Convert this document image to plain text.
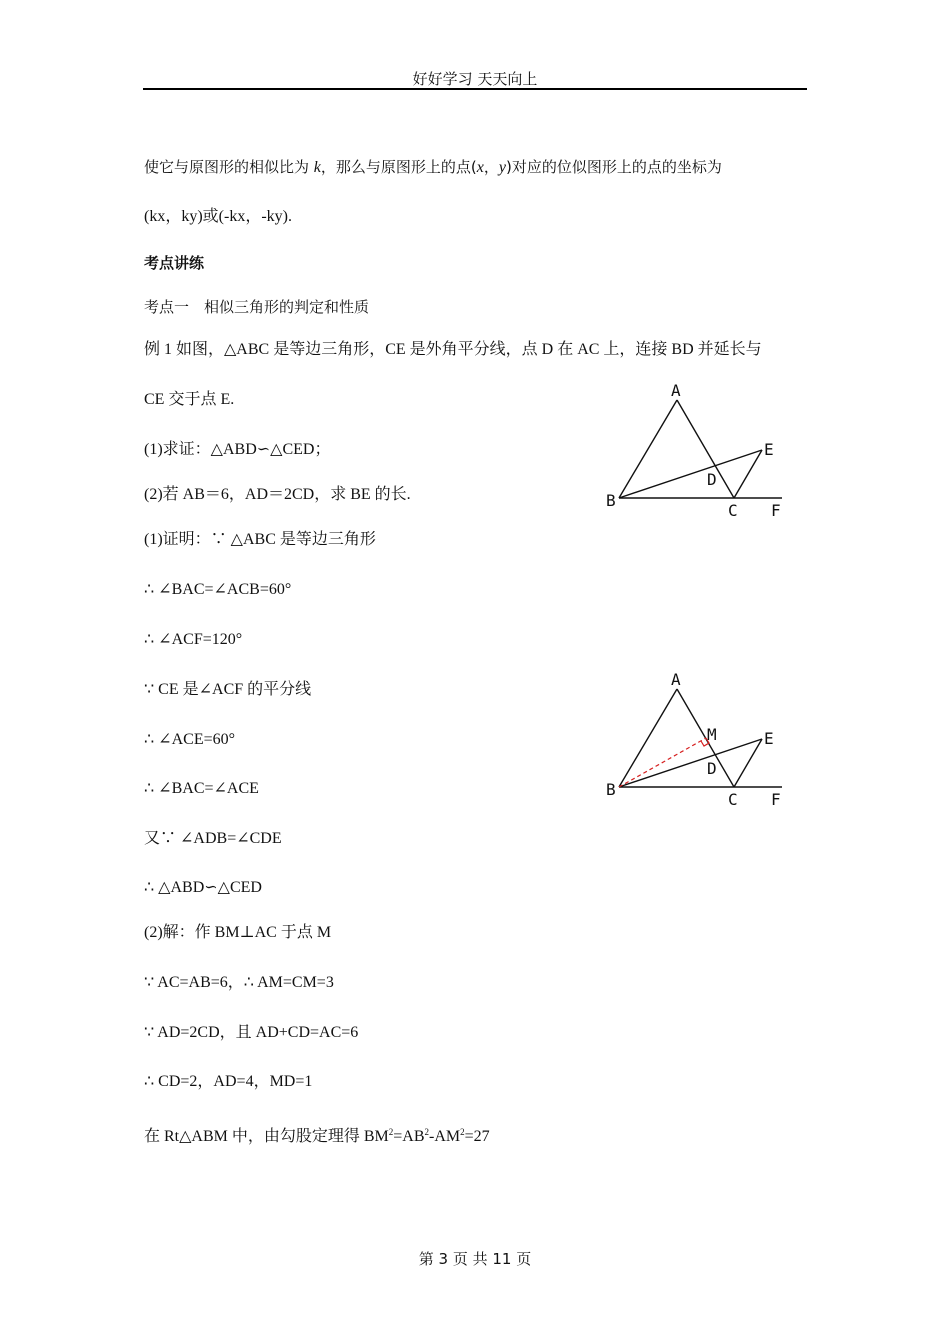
好好学习 天天向上
使它与原图形的相似比为 k，那么与原图形上的点(x，y)对应的位似图形上的点的坐标为
(kx，ky)或(-kx，-ky).
考点讲练
考点一　相似三角形的判定和性质
例 1 如图，△ABC 是等边三角形，CE 是外角平分线，点 D 在 AC 上，连接 BD 并延长与
CE 交于点 E.
(1)求证：△ABD∽△CED；
(2)若 AB＝6，AD＝2CD，求 BE 的长.
(1)证明：∵ △ABC 是等边三角形
∴ ∠BAC=∠ACB=60°
∴ ∠ACF=120°
∵ CE 是∠ACF 的平分线
∴ ∠ACE=60°
∴ ∠BAC=∠ACE
又∵ ∠ADB=∠CDE
∴ △ABD∽△CED
(2)解：作 BM⊥AC 于点 M
∵ AC=AB=6，∴ AM=CM=3
∵ AD=2CD，且 AD+CD=AC=6
∴ CD=2，AD=4，MD=1
在 Rt△ABM 中，由勾股定理得 $BM^2=AB^2-AM^2=27$
A
B
C
D
E
F
A
B
C
D
E
F
M
第 3 页 共 11 页
